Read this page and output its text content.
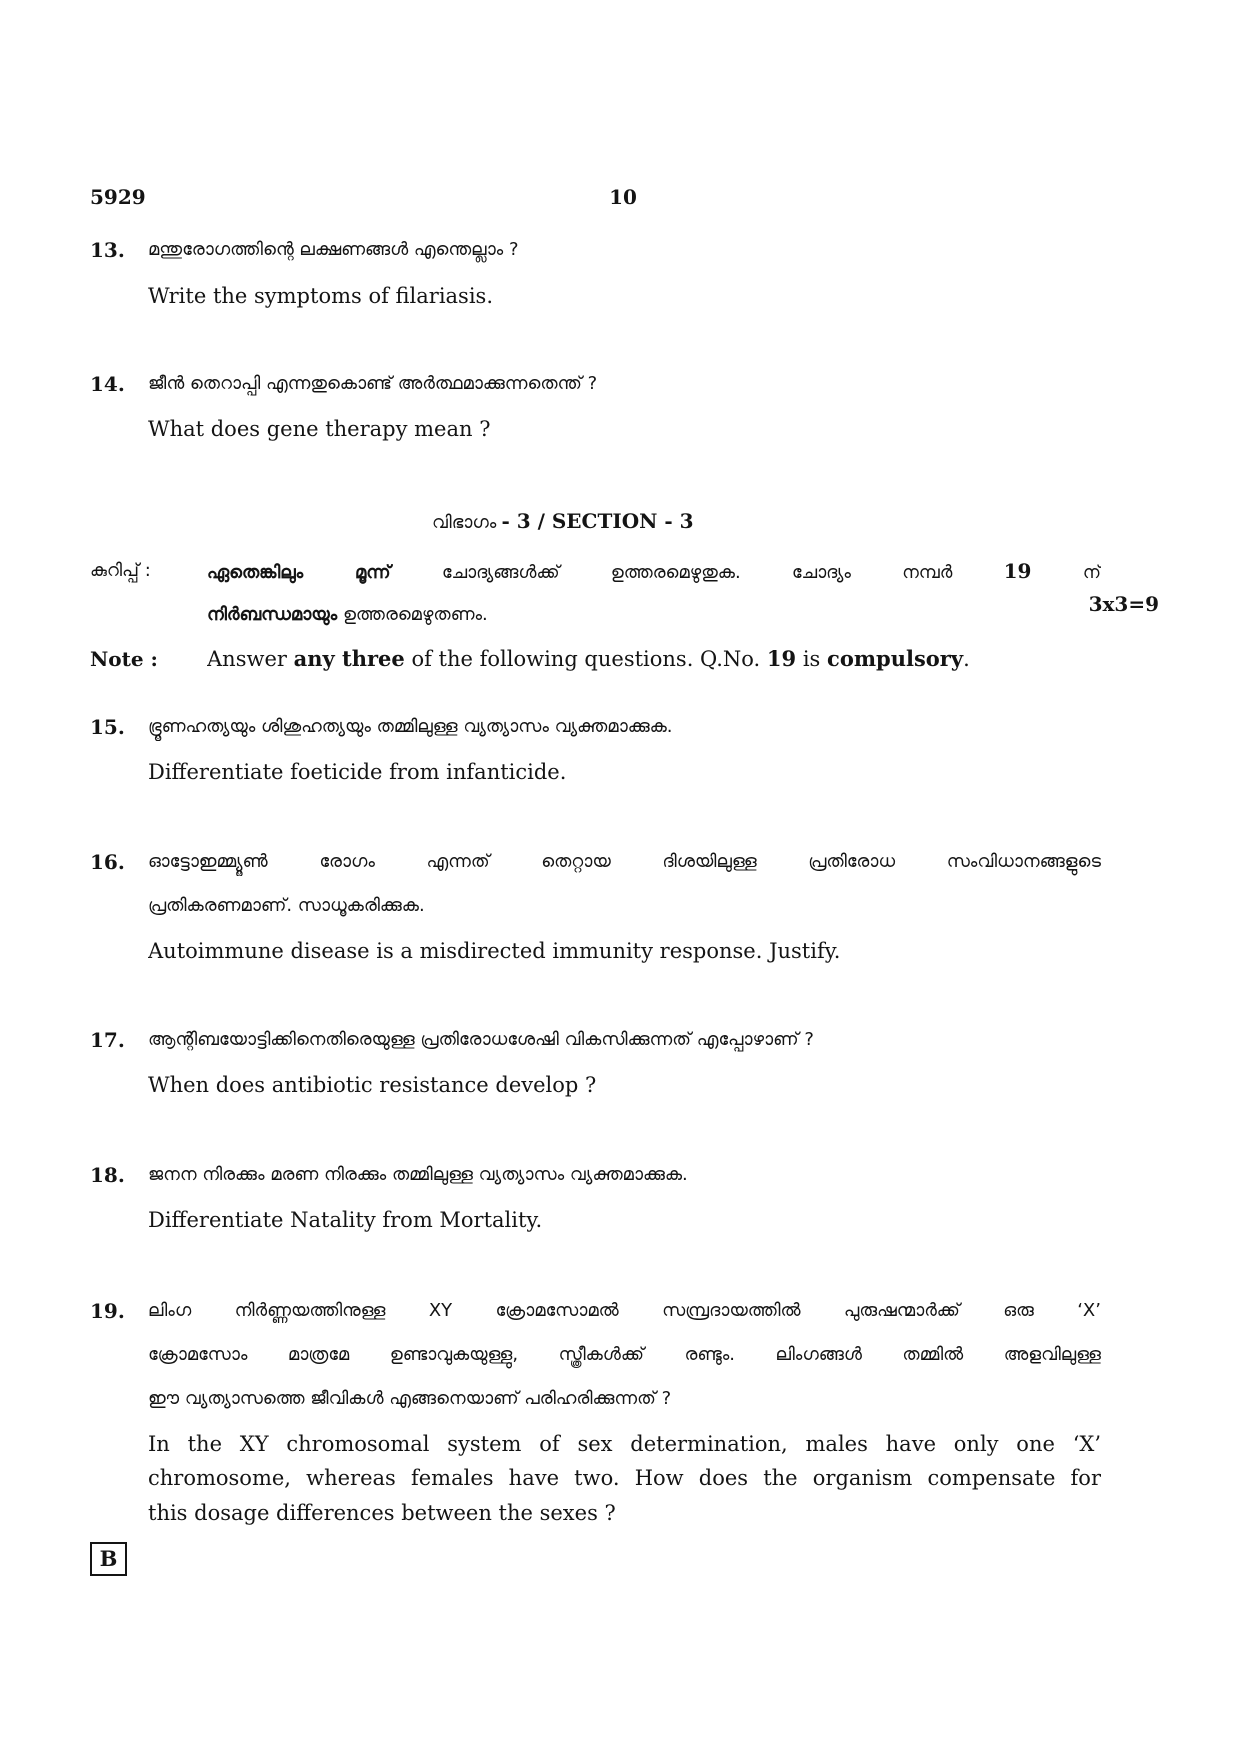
5929	10
13. മന്തുരോഗത്തിന്റെ ലക്ഷണങ്ങൾ എന്തെല്ലാം ?
Write the symptoms of filariasis.
14. ജീൻ തെറാപ്പി എന്നതുകൊണ്ട് അർത്ഥമാക്കുന്നതെന്ത് ?
What does gene therapy mean ?
വിഭാഗം - 3 / SECTION - 3
കുറിപ്പ് :	ഏതെങ്കിലും മൂന്ന്	ചോദ്യങ്ങൾക്ക് ഉത്തരമെഴുതുക. ചോദ്യം നമ്പർ	19	ന്
നിർബന്ധമായും ഉത്തരമെഴുതണം.	3x3=9
Note : Answer any three of the following questions. Q.No. 19 is compulsory.
15. ഭ്രൂണഹത്യയും ശിശുഹത്യയും തമ്മിലുള്ള വ്യത്യാസം വ്യക്തമാക്കുക.
Differentiate foeticide from infanticide.
16. ഓട്ടോഇമ്മ്യൂൺ രോഗം എന്നത് തെറ്റായ ദിശയിലുള്ള പ്രതിരോധ സംവിധാനങ്ങളുടെ
പ്രതികരണമാണ്. സാധൂകരിക്കുക.
Autoimmune disease is a misdirected immunity response. Justify.
17. ആന്റിബയോട്ടിക്കിനെതിരെയുള്ള പ്രതിരോധശേഷി വികസിക്കുന്നത് എപ്പോഴാണ് ?
When does antibiotic resistance develop ?
18. ജനന നിരക്കും മരണ നിരക്കും തമ്മിലുള്ള വ്യത്യാസം വ്യക്തമാക്കുക.
Differentiate Natality from Mortality.
19. ലിംഗ നിർണ്ണയത്തിനുള്ള XY ക്രോമസോമൽ സമ്പ്രദായത്തിൽ പുരുഷന്മാർക്ക് ഒരു ‘X’
ക്രോമസോം മാത്രമേ ഉണ്ടാവുകയുള്ളു, സ്ത്രീകൾക്ക് രണ്ടും. ലിംഗങ്ങൾ തമ്മിൽ അളവിലുള്ള
ഈ വ്യത്യാസത്തെ ജീവികൾ എങ്ങനെയാണ് പരിഹരിക്കുന്നത് ?
In the XY chromosomal system of sex determination, males have only one ‘X’
chromosome, whereas females have two. How does the organism compensate for
this dosage differences between the sexes ?
B
